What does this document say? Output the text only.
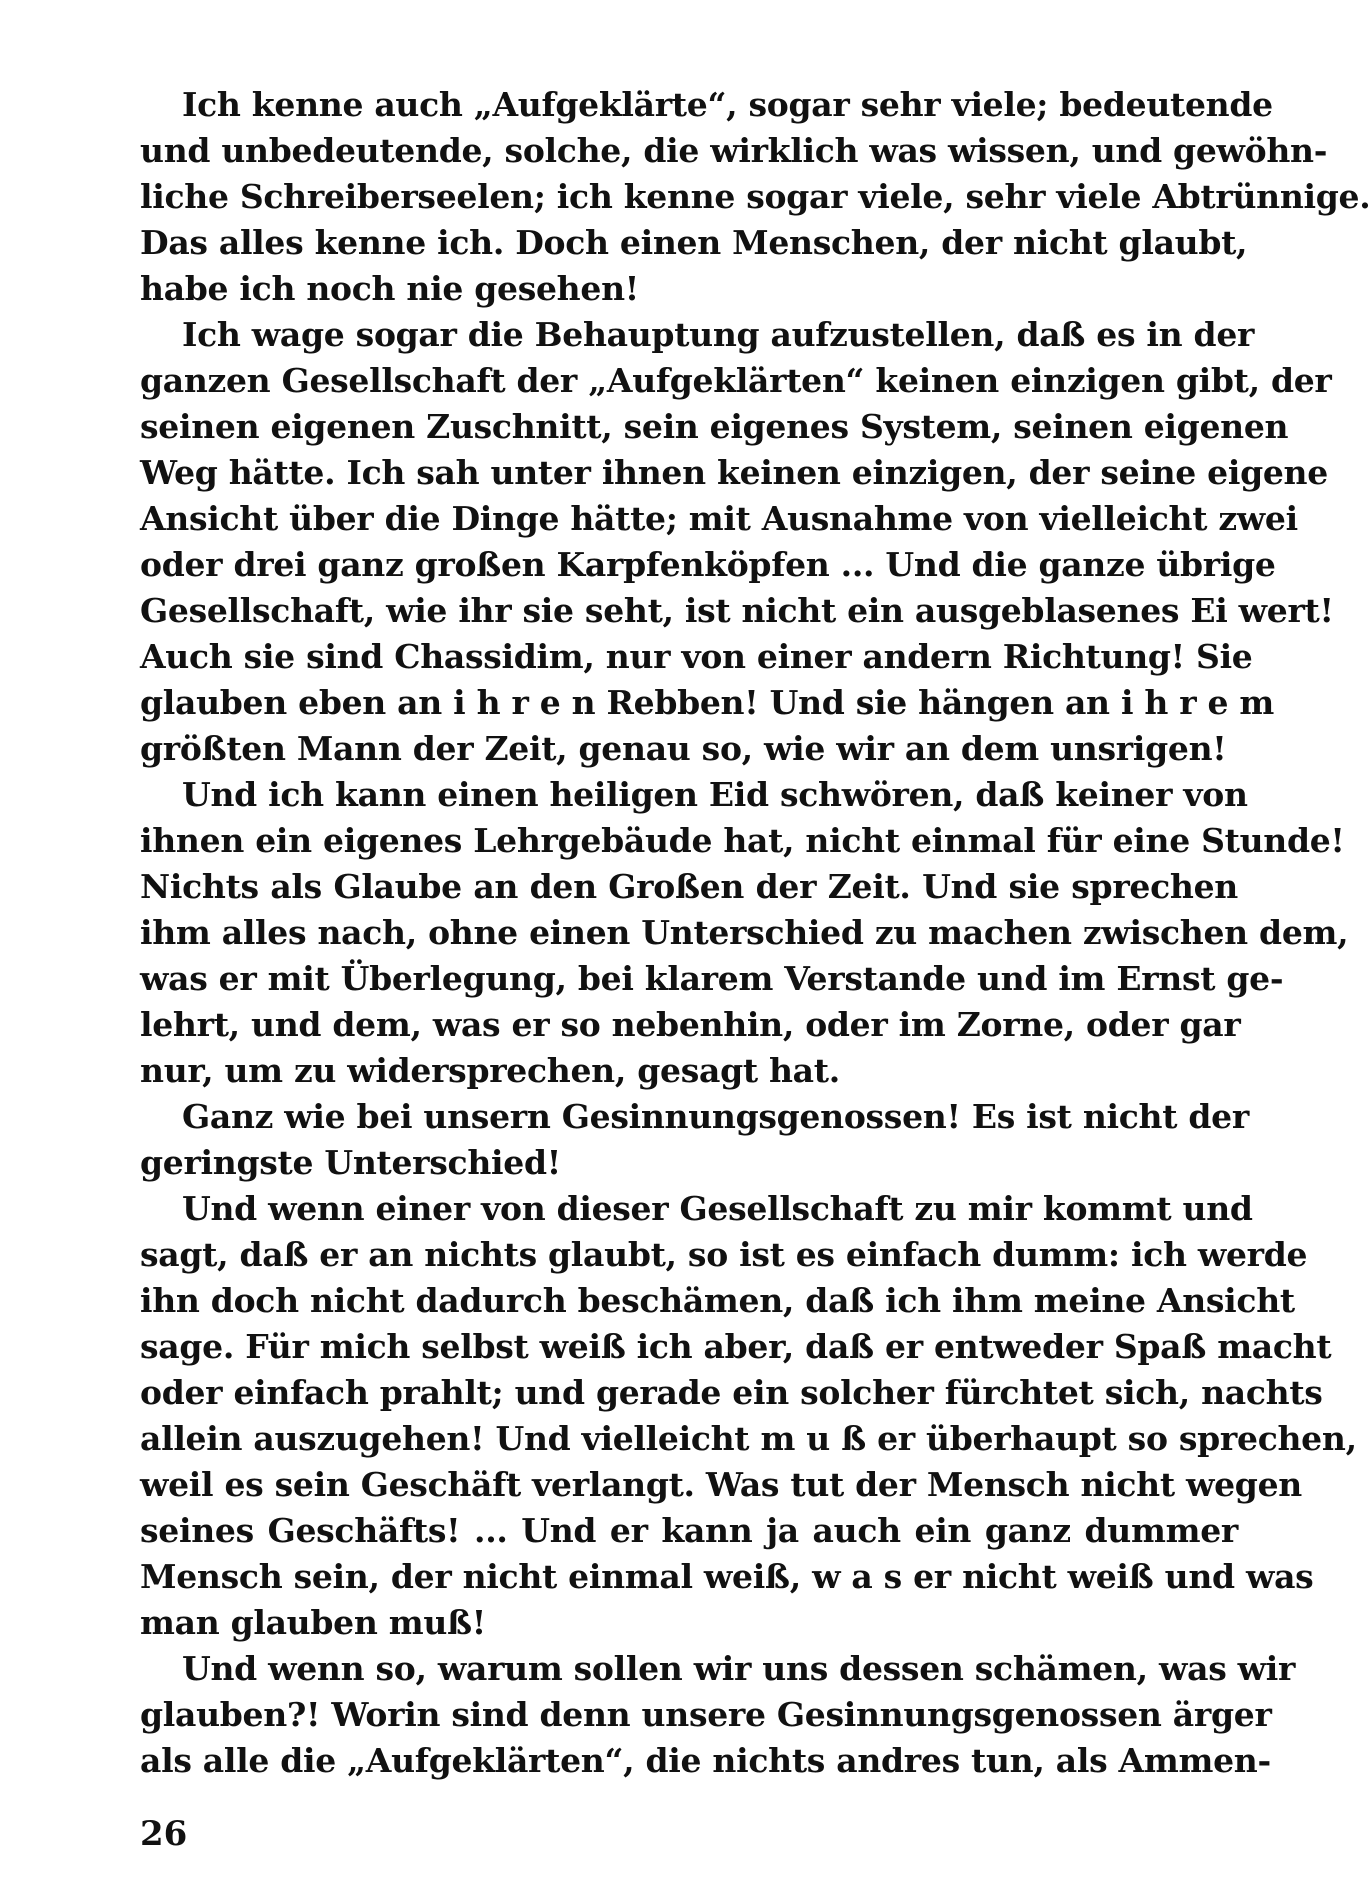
Ich kenne auch „Aufgeklärte“, sogar sehr viele; bedeutende
und unbedeutende, solche, die wirklich was wissen, und gewöhn-
liche Schreiberseelen; ich kenne sogar viele, sehr viele Abtrünnige.
Das alles kenne ich. Doch einen Menschen, der nicht glaubt,
habe ich noch nie gesehen!
Ich wage sogar die Behauptung aufzustellen, daß es in der
ganzen Gesellschaft der „Aufgeklärten“ keinen einzigen gibt, der
seinen eigenen Zuschnitt, sein eigenes System, seinen eigenen
Weg hätte. Ich sah unter ihnen keinen einzigen, der seine eigene
Ansicht über die Dinge hätte; mit Ausnahme von vielleicht zwei
oder drei ganz großen Karpfenköpfen ... Und die ganze übrige
Gesellschaft, wie ihr sie seht, ist nicht ein ausgeblasenes Ei wert!
Auch sie sind Chassidim, nur von einer andern Richtung! Sie
glauben eben an i h r e n Rebben! Und sie hängen an i h r e m
größten Mann der Zeit, genau so, wie wir an dem unsrigen!
Und ich kann einen heiligen Eid schwören, daß keiner von
ihnen ein eigenes Lehrgebäude hat, nicht einmal für eine Stunde!
Nichts als Glaube an den Großen der Zeit. Und sie sprechen
ihm alles nach, ohne einen Unterschied zu machen zwischen dem,
was er mit Überlegung, bei klarem Verstande und im Ernst ge-
lehrt, und dem, was er so nebenhin, oder im Zorne, oder gar
nur, um zu widersprechen, gesagt hat.
Ganz wie bei unsern Gesinnungsgenossen! Es ist nicht der
geringste Unterschied!
Und wenn einer von dieser Gesellschaft zu mir kommt und
sagt, daß er an nichts glaubt, so ist es einfach dumm: ich werde
ihn doch nicht dadurch beschämen, daß ich ihm meine Ansicht
sage. Für mich selbst weiß ich aber, daß er entweder Spaß macht
oder einfach prahlt; und gerade ein solcher fürchtet sich, nachts
allein auszugehen! Und vielleicht m u ß er überhaupt so sprechen,
weil es sein Geschäft verlangt. Was tut der Mensch nicht wegen
seines Geschäfts! ... Und er kann ja auch ein ganz dummer
Mensch sein, der nicht einmal weiß, w a s er nicht weiß und was
man glauben muß!
Und wenn so, warum sollen wir uns dessen schämen, was wir
glauben?! Worin sind denn unsere Gesinnungsgenossen ärger
als alle die „Aufgeklärten“, die nichts andres tun, als Ammen-
26
